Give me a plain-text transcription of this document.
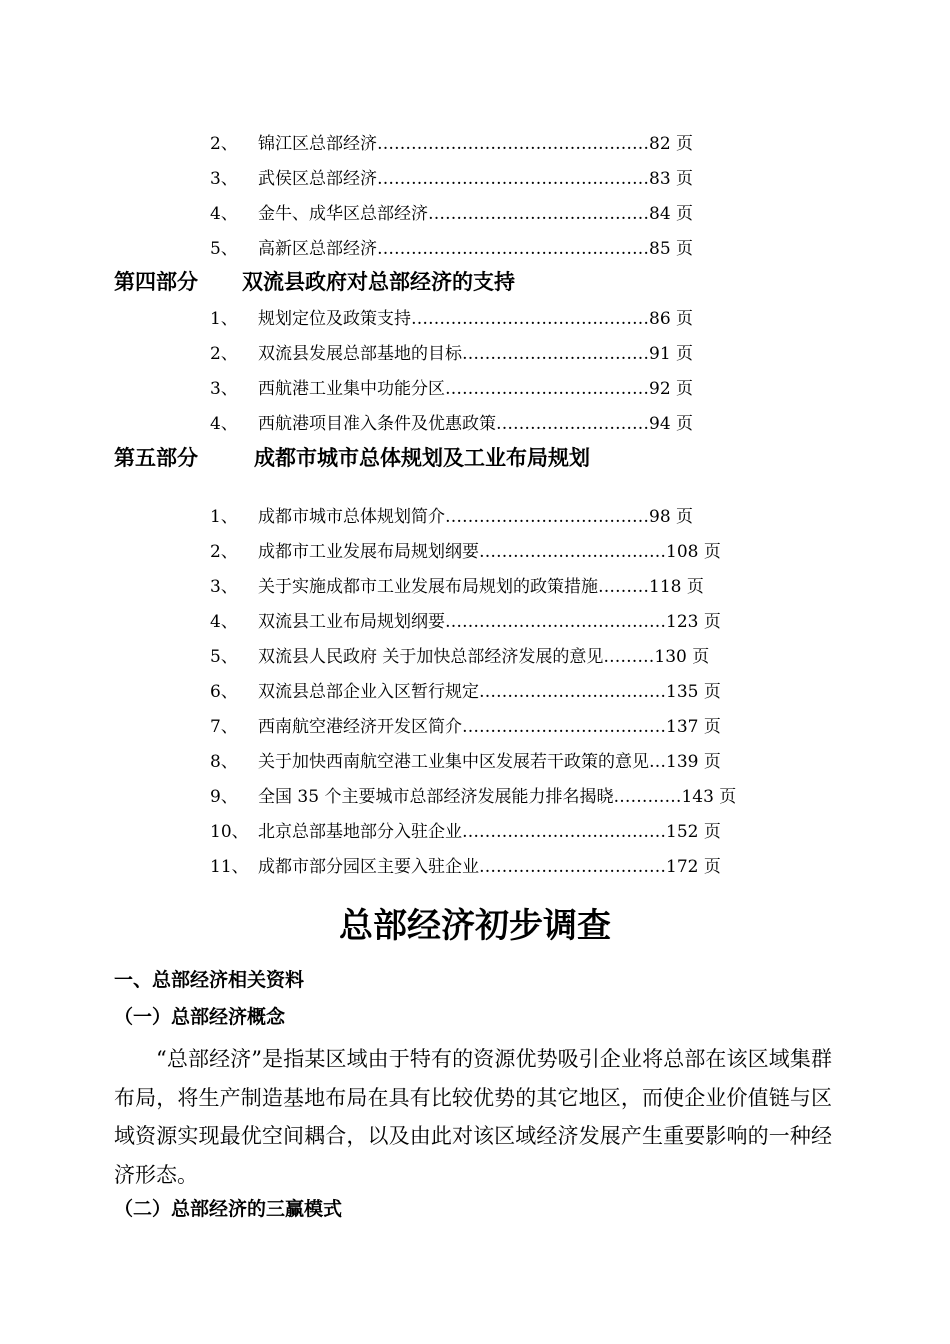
2、 锦江区总部经济…………………………………………82 页
3、 武侯区总部经济…………………………………………83 页
4、 金牛、成华区总部经济…………………………………84 页
5、 高新区总部经济…………………………………………85 页
第四部分 双流县政府对总部经济的支持
1、 规划定位及政策支持……………………………………86 页
2、 双流县发展总部基地的目标……………………………91 页
3、 西航港工业集中功能分区………………………………92 页
4、 西航港项目准入条件及优惠政策………………………94 页
第五部分	成都市城市总体规划及工业布局规划
1、 成都市城市总体规划简介………………………………98 页
2、 成都市工业发展布局规划纲要……………………………108 页
3、 关于实施成都市工业发展布局规划的政策措施………118 页
4、 双流县工业布局规划纲要…………………………………123 页
5、 双流县人民政府 关于加快总部经济发展的意见………130 页
6、 双流县总部企业入区暂行规定……………………………135 页
7、 西南航空港经济开发区简介………………………………137 页
8、 关于加快西南航空港工业集中区发展若干政策的意见…139 页
9、 全国 35 个主要城市总部经济发展能力排名揭晓…………143 页
10、 北京总部基地部分入驻企业………………………………152 页
11、 成都市部分园区主要入驻企业……………………………172 页
总部经济初步调查
一、总部经济相关资料
（一）总部经济概念
“总部经济”是指某区域由于特有的资源优势吸引企业将总部在该区域集群布局，将生产制造基地布局在具有比较优势的其它地区，而使企业价值链与区域资源实现最优空间耦合，以及由此对该区域经济发展产生重要影响的一种经济形态。
（二）总部经济的三赢模式
